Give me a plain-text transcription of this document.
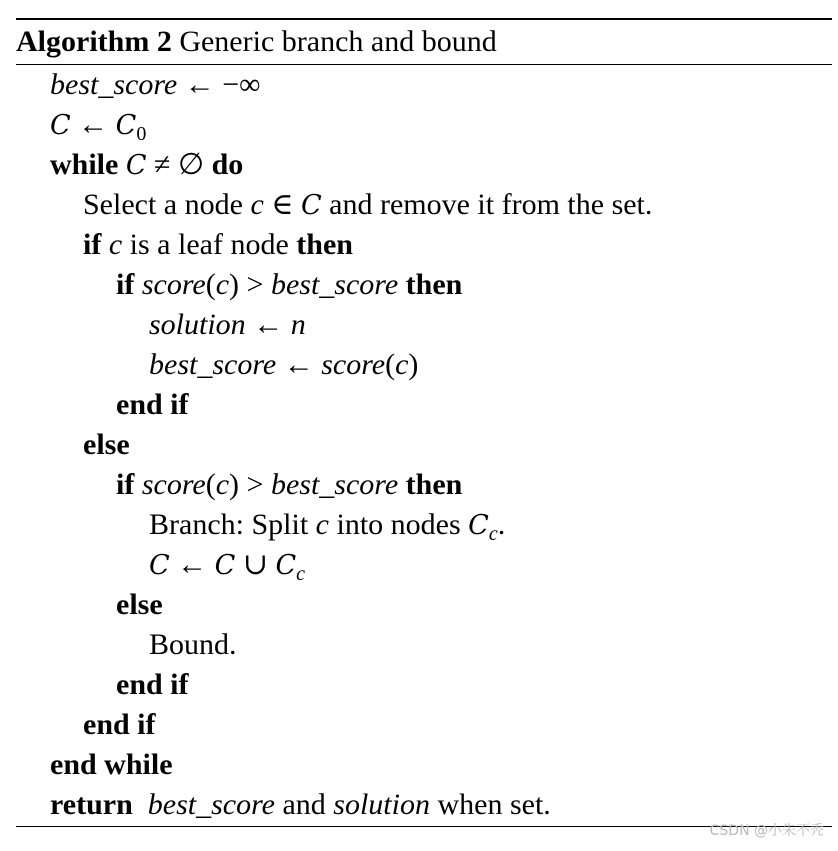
Algorithm 2 Generic branch and bound
best_score ← −∞
C ← $C_0$
while C ≠ ∅ do
Select a node c ∈ C and remove it from the set.
if c is a leaf node then
if score(c) > best_score then
solution ← n
best_score ← score(c)
end if
else
if score(c) > best_score then
Branch: Split c into nodes $C_c$.
C ← C ∪ $C_c$
else
Bound.
end if
end if
end while
return best_score and solution when set.
CSDN @小朱不秃
